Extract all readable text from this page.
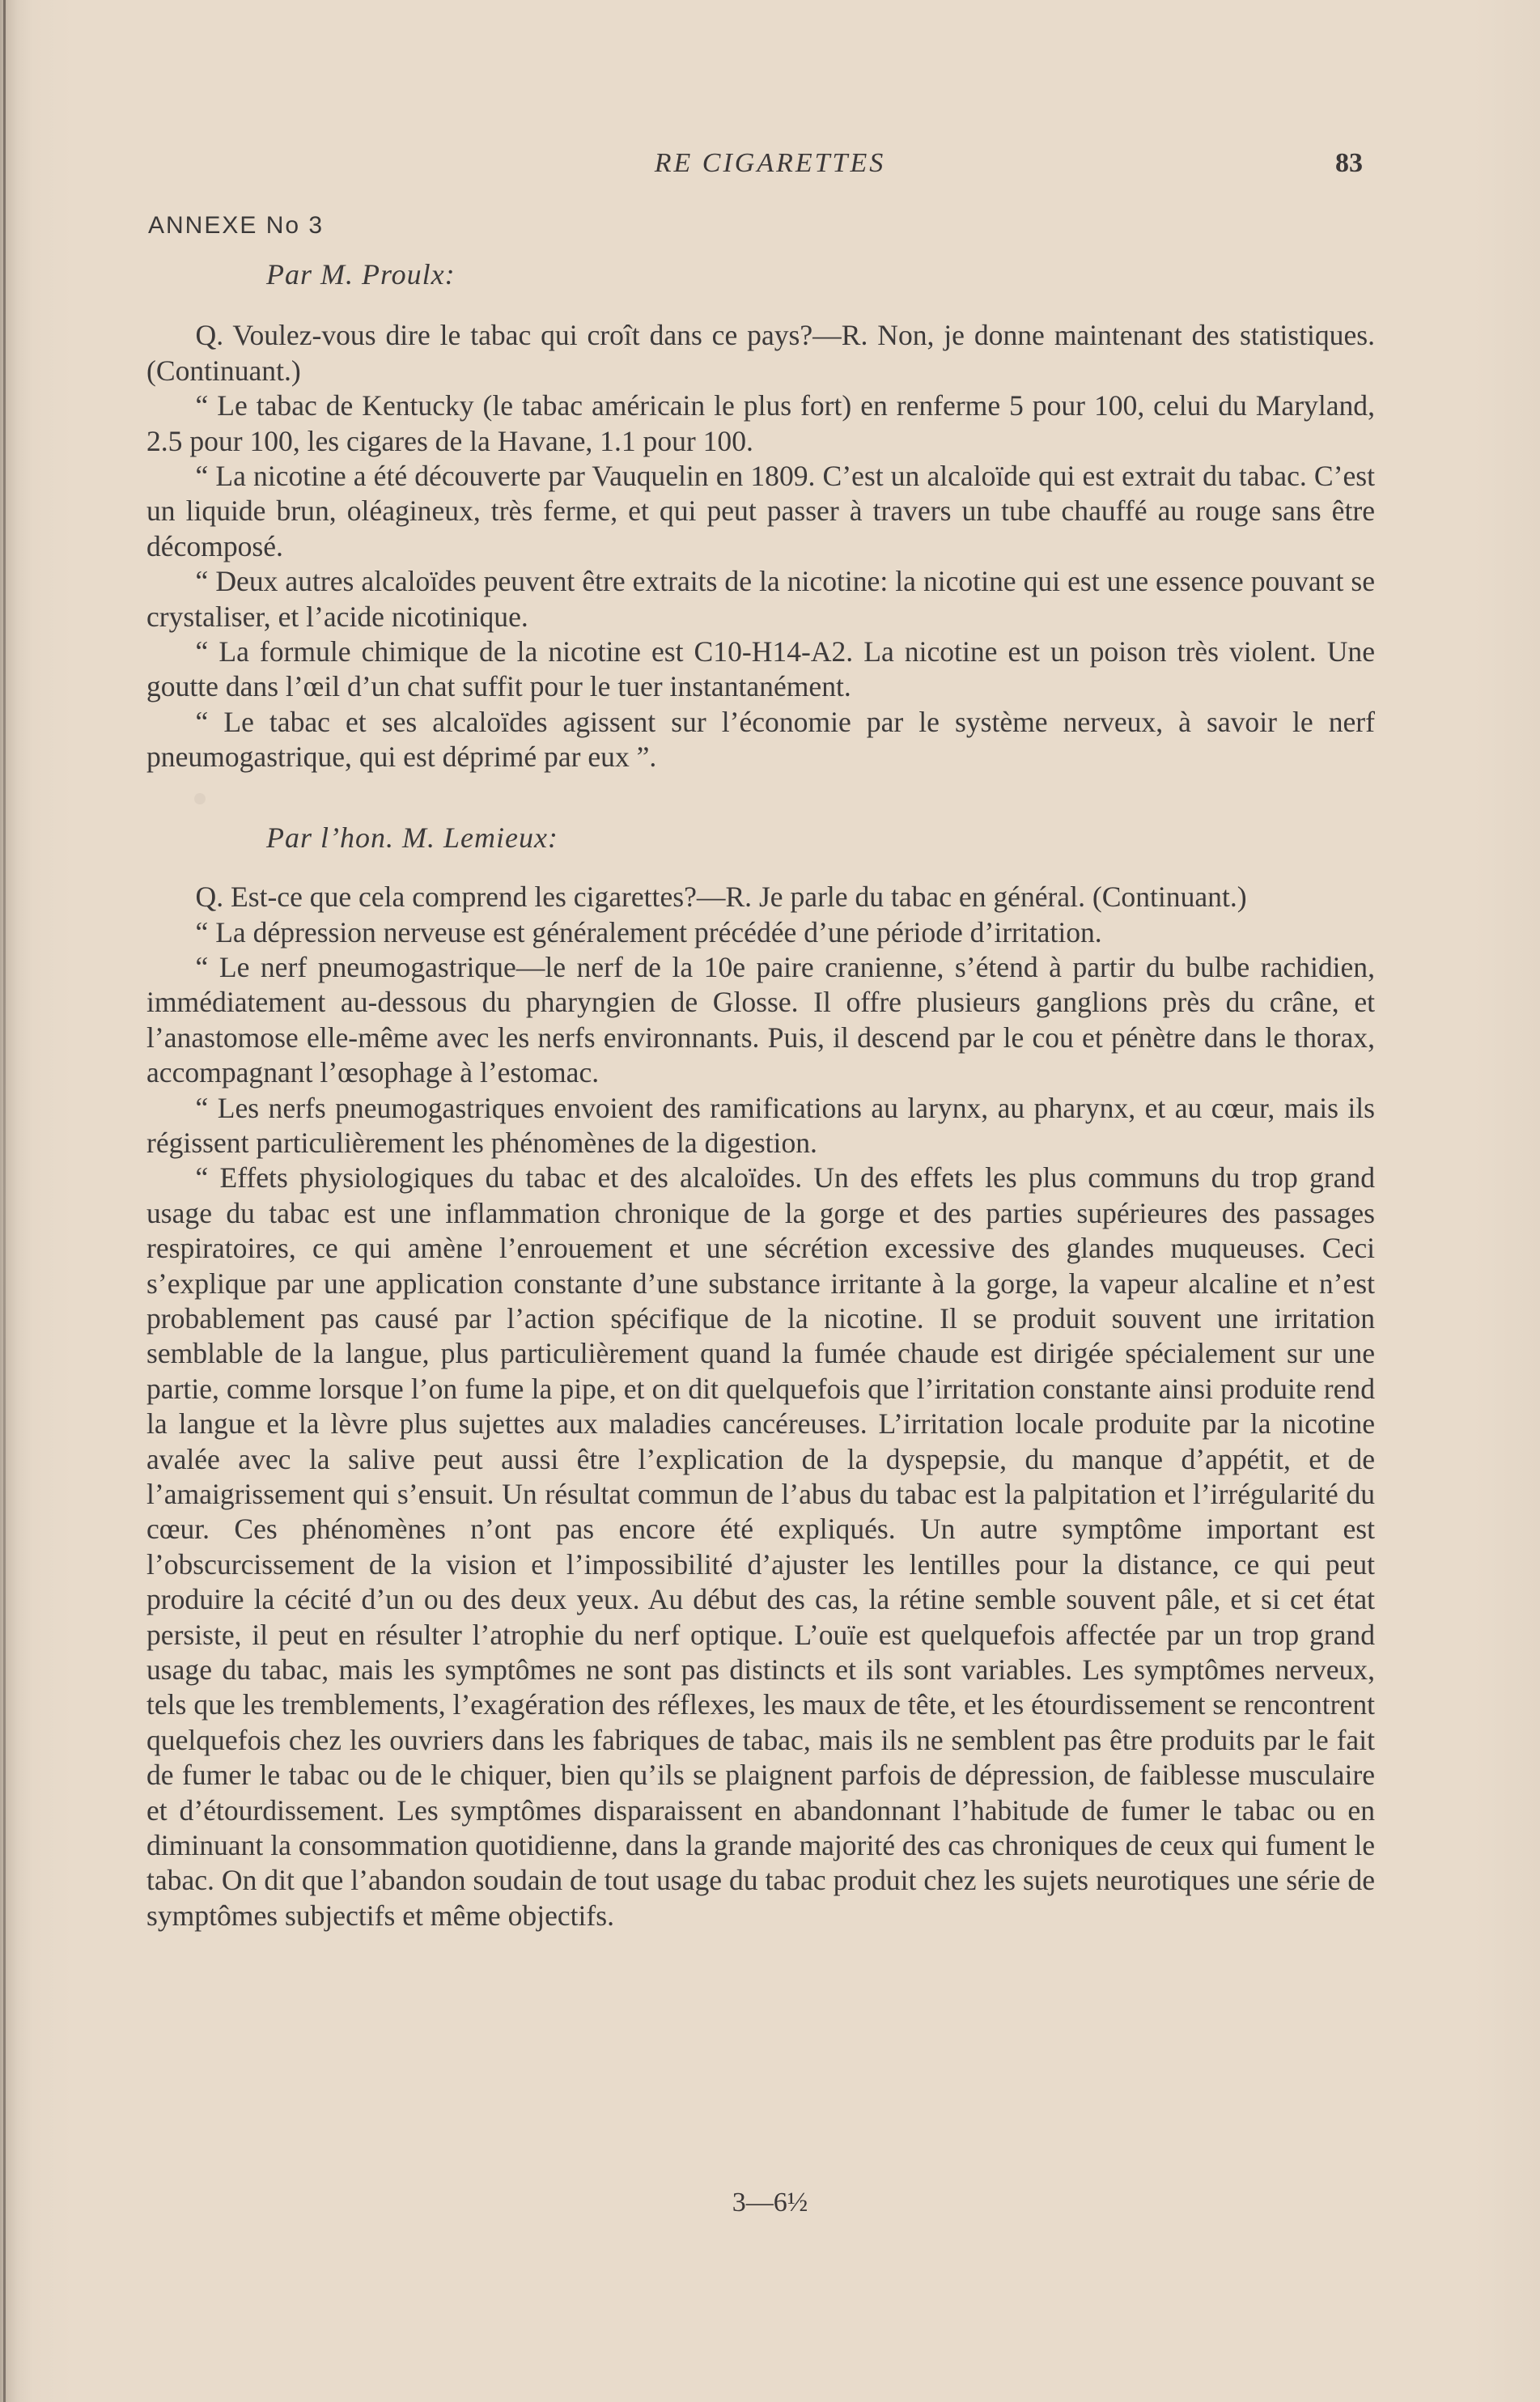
RE CIGARETTES	83
ANNEXE No 3
Par M. Proulx:

Q. Voulez-vous dire le tabac qui croît dans ce pays?—R. Non, je donne maintenant des statistiques. (Continuant.)

“ Le tabac de Kentucky (le tabac américain le plus fort) en renferme 5 pour 100, celui du Maryland, 2.5 pour 100, les cigares de la Havane, 1.1 pour 100.

“ La nicotine a été découverte par Vauquelin en 1809. C’est un alcaloïde qui est extrait du tabac. C’est un liquide brun, oléagineux, très ferme, et qui peut passer à travers un tube chauffé au rouge sans être décomposé.

“ Deux autres alcaloïdes peuvent être extraits de la nicotine: la nicotine qui est une essence pouvant se crystaliser, et l’acide nicotinique.

“ La formule chimique de la nicotine est C10-H14-A2. La nicotine est un poison très violent. Une goutte dans l’œil d’un chat suffit pour le tuer instantanément.

“ Le tabac et ses alcaloïdes agissent sur l’économie par le système nerveux, à savoir le nerf pneumogastrique, qui est déprimé par eux ”.

Par l’hon. M. Lemieux:

Q. Est-ce que cela comprend les cigarettes?—R. Je parle du tabac en général. (Continuant.)

“ La dépression nerveuse est généralement précédée d’une période d’irritation.

“ Le nerf pneumogastrique—le nerf de la 10e paire cranienne, s’étend à partir du bulbe rachidien, immédiatement au-dessous du pharyngien de Glosse. Il offre plusieurs ganglions près du crâne, et l’anastomose elle-même avec les nerfs environnants. Puis, il descend par le cou et pénètre dans le thorax, accompagnant l’œsophage à l’estomac.

“ Les nerfs pneumogastriques envoient des ramifications au larynx, au pharynx, et au cœur, mais ils régissent particulièrement les phénomènes de la digestion.

“ Effets physiologiques du tabac et des alcaloïdes. Un des effets les plus communs du trop grand usage du tabac est une inflammation chronique de la gorge et des parties supérieures des passages respiratoires, ce qui amène l’enrouement et une sécrétion excessive des glandes muqueuses. Ceci s’explique par une application constante d’une substance irritante à la gorge, la vapeur alcaline et n’est probablement pas causé par l’action spécifique de la nicotine. Il se produit souvent une irritation semblable de la langue, plus particulièrement quand la fumée chaude est dirigée spécialement sur une partie, comme lorsque l’on fume la pipe, et on dit quelquefois que l’irritation constante ainsi produite rend la langue et la lèvre plus sujettes aux maladies cancéreuses. L’irritation locale produite par la nicotine avalée avec la salive peut aussi être l’explication de la dyspepsie, du manque d’appétit, et de l’amaigrissement qui s’ensuit. Un résultat commun de l’abus du tabac est la palpitation et l’irrégularité du cœur. Ces phénomènes n’ont pas encore été expliqués. Un autre symptôme important est l’obscurcissement de la vision et l’impossibilité d’ajuster les lentilles pour la distance, ce qui peut produire la cécité d’un ou des deux yeux. Au début des cas, la rétine semble souvent pâle, et si cet état persiste, il peut en résulter l’atrophie du nerf optique. L’ouïe est quelquefois affectée par un trop grand usage du tabac, mais les symptômes ne sont pas distincts et ils sont variables. Les symptômes nerveux, tels que les tremblements, l’exagération des réflexes, les maux de tête, et les étourdissement se rencontrent quelquefois chez les ouvriers dans les fabriques de tabac, mais ils ne semblent pas être produits par le fait de fumer le tabac ou de le chiquer, bien qu’ils se plaignent parfois de dépression, de faiblesse musculaire et d’étourdissement. Les symptômes disparaissent en abandonnant l’habitude de fumer le tabac ou en diminuant la consommation quotidienne, dans la grande majorité des cas chroniques de ceux qui fument le tabac. On dit que l’abandon soudain de tout usage du tabac produit chez les sujets neurotiques une série de symptômes subjectifs et même objectifs.

3—6½
